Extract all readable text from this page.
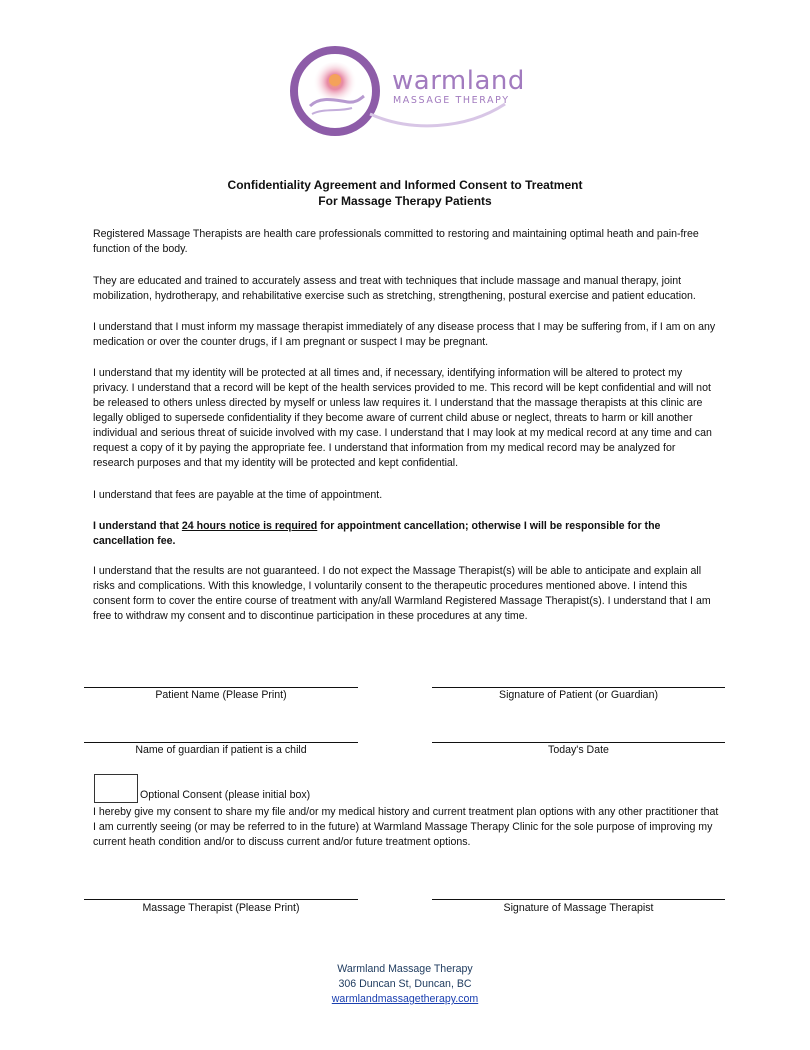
warmland
MASSAGE THERAPY
Confidentiality Agreement and Informed Consent to Treatment
For Massage Therapy Patients

Registered Massage Therapists are health care professionals committed to restoring and maintaining optimal heath and pain-free function of the body.

They are educated and trained to accurately assess and treat with techniques that include massage and manual therapy, joint mobilization, hydrotherapy, and rehabilitative exercise such as stretching, strengthening, postural exercise and patient education.

I understand that I must inform my massage therapist immediately of any disease process that I may be suffering from, if I am on any medication or over the counter drugs, if I am pregnant or suspect I may be pregnant.

I understand that my identity will be protected at all times and, if necessary, identifying information will be altered to protect my privacy. I understand that a record will be kept of the health services provided to me. This record will be kept confidential and will not be released to others unless directed by myself or unless law requires it. I understand that the massage therapists at this clinic are legally obliged to supersede confidentiality if they become aware of current child abuse or neglect, threats to harm or kill another individual and serious threat of suicide involved with my case. I understand that I may look at my medical record at any time and can request a copy of it by paying the appropriate fee. I understand that information from my medical record may be analyzed for research purposes and that my identity will be protected and kept confidential.

I understand that fees are payable at the time of appointment.

I understand that 24 hours notice is required for appointment cancellation; otherwise I will be responsible for the cancellation fee.

I understand that the results are not guaranteed. I do not expect the Massage Therapist(s) will be able to anticipate and explain all risks and complications. With this knowledge, I voluntarily consent to the therapeutic procedures mentioned above. I intend this consent form to cover the entire course of treatment with any/all Warmland Registered Massage Therapist(s). I understand that I am free to withdraw my consent and to discontinue participation in these procedures at any time.

Patient Name (Please Print)	Signature of Patient (or Guardian)
Name of guardian if patient is a child	Today's Date
Optional Consent (please initial box)

I hereby give my consent to share my file and/or my medical history and current treatment plan options with any other practitioner that I am currently seeing (or may be referred to in the future) at Warmland Massage Therapy Clinic for the sole purpose of improving my current heath condition and/or to discuss current and/or future treatment options.

Massage Therapist (Please Print)	Signature of Massage Therapist
Warmland Massage Therapy
306 Duncan St, Duncan, BC
warmlandmassagetherapy.com
